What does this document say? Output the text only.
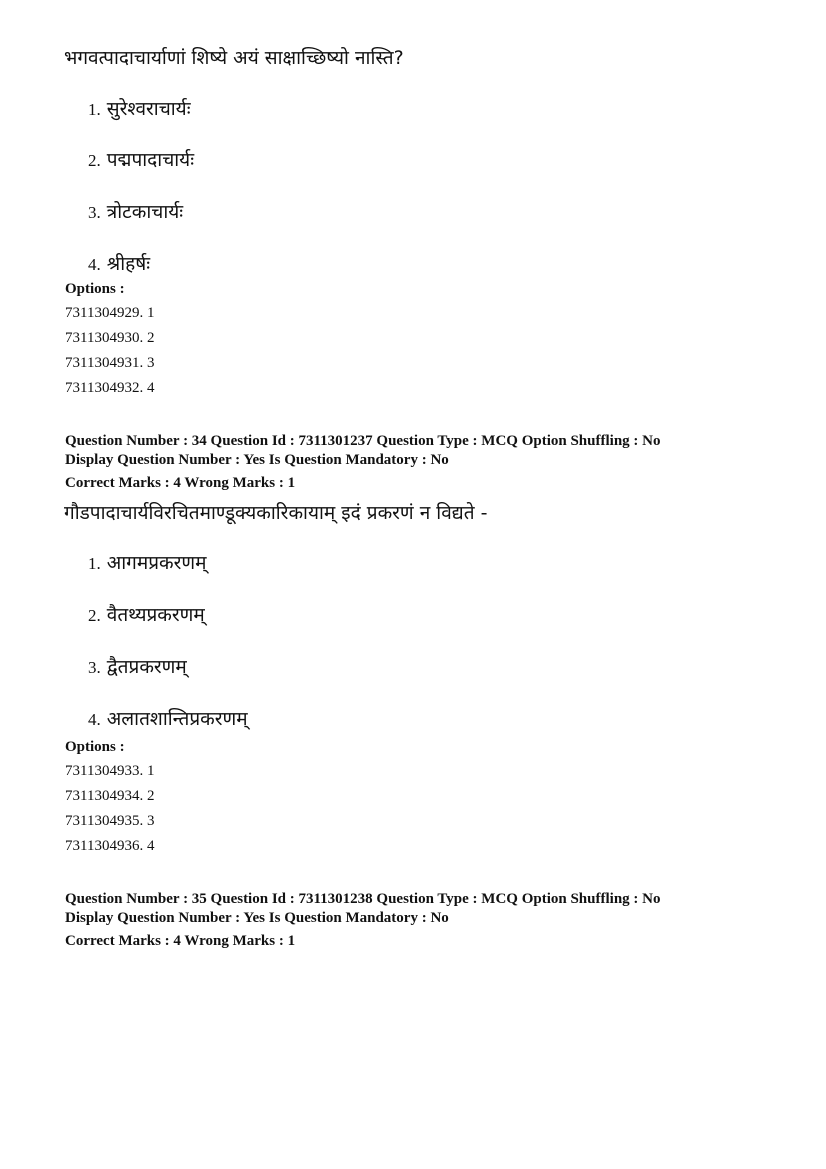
भगवत्पादाचार्याणां शिष्ये अयं साक्षाच्छिष्यो नास्ति?
1. सुरेश्वराचार्यः
2. पद्मपादाचार्यः
3. त्रोटकाचार्यः
4. श्रीहर्षः
Options :
7311304929. 1
7311304930. 2
7311304931. 3
7311304932. 4
Question Number : 34 Question Id : 7311301237 Question Type : MCQ Option Shuffling : No
Display Question Number : Yes Is Question Mandatory : No
Correct Marks : 4 Wrong Marks : 1
गौडपादाचार्यविरचितमाण्डूक्यकारिकायाम् इदं प्रकरणं न विद्यते -
1. आगमप्रकरणम्
2. वैतथ्यप्रकरणम्
3. द्वैतप्रकरणम्
4. अलातशान्तिप्रकरणम्
Options :
7311304933. 1
7311304934. 2
7311304935. 3
7311304936. 4
Question Number : 35 Question Id : 7311301238 Question Type : MCQ Option Shuffling : No
Display Question Number : Yes Is Question Mandatory : No
Correct Marks : 4 Wrong Marks : 1
